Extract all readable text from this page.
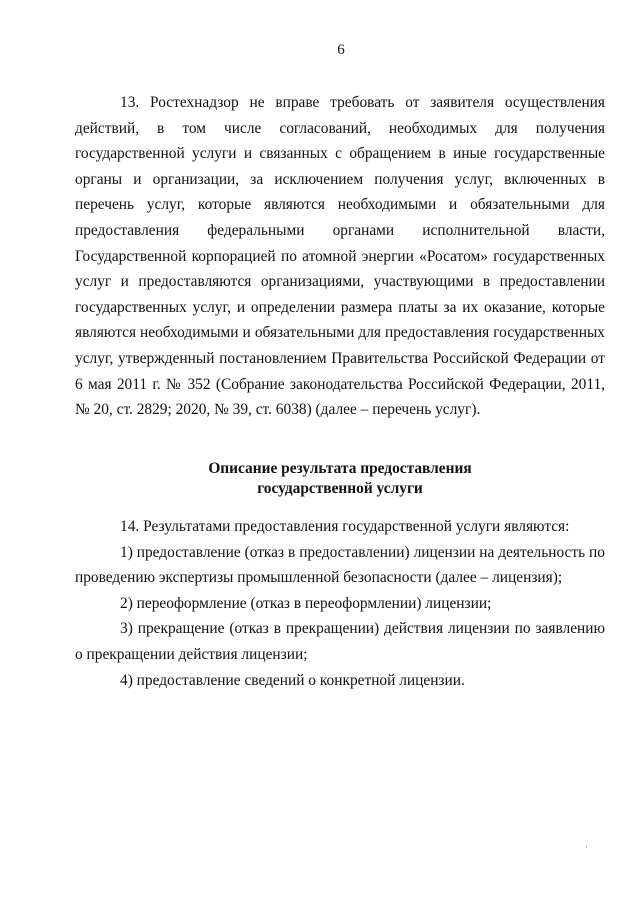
6

13. Ростехнадзор не вправе требовать от заявителя осуществления действий, в том числе согласований, необходимых для получения государственной услуги и связанных с обращением в иные государственные органы и организации, за исключением получения услуг, включенных в перечень услуг, которые являются необходимыми и обязательными для предоставления федеральными органами исполнительной власти, Государственной корпорацией по атомной энергии «Росатом» государственных услуг и предоставляются организациями, участвующими в предоставлении государственных услуг, и определении размера платы за их оказание, которые являются необходимыми и обязательными для предоставления государственных услуг, утвержденный постановлением Правительства Российской Федерации от 6 мая 2011 г. № 352 (Собрание законодательства Российской Федерации, 2011, № 20, ст. 2829; 2020, № 39, ст. 6038) (далее – перечень услуг).

Описание результата предоставления
государственной услуги

14. Результатами предоставления государственной услуги являются:

1) предоставление (отказ в предоставлении) лицензии на деятельность по проведению экспертизы промышленной безопасности (далее – лицензия);

2) переоформление (отказ в переоформлении) лицензии;

3) прекращение (отказ в прекращении) действия лицензии по заявлению о прекращении действия лицензии;

4) предоставление сведений о конкретной лицензии.

·
